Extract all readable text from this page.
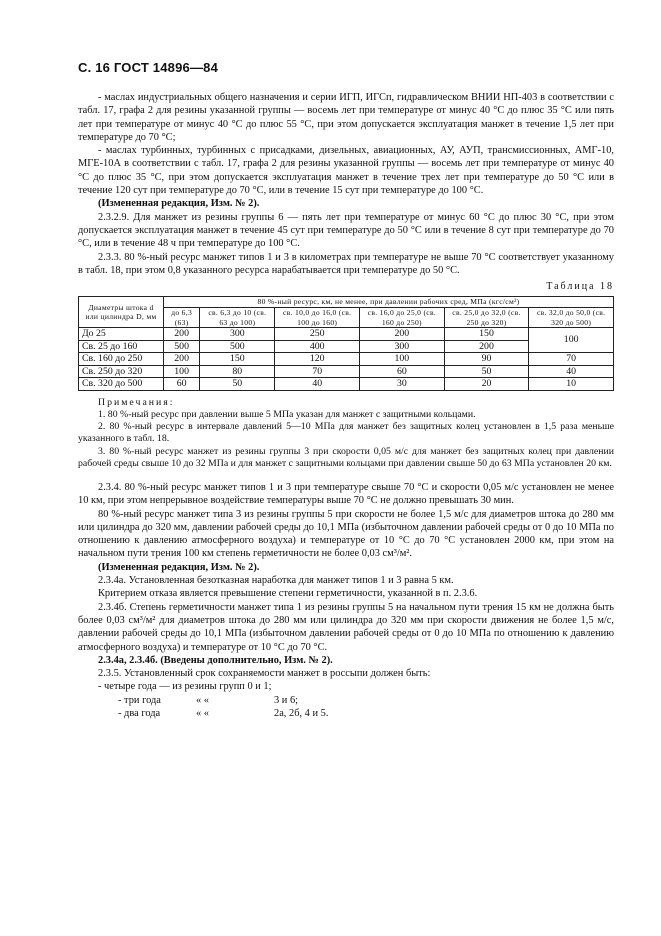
С. 16 ГОСТ 14896—84

- маслах индустриальных общего назначения и серии ИГП, ИГСп, гидравлическом ВНИИ НП-403 в соответствии с табл. 17, графа 2 для резины указанной группы — восемь лет при температуре от минус 40 °С до плюс 35 °С или пять лет при температуре от минус 40 °С до плюс 55 °С, при этом допускается эксплуатация манжет в течение 1,5 лет при температуре до 70 °С;

- маслах турбинных, турбинных с присадками, дизельных, авиационных, АУ, АУП, трансмиссионных, АМГ-10, МГЕ-10А в соответствии с табл. 17, графа 2 для резины указанной группы — восемь лет при температуре от минус 40 °С до плюс 35 °С, при этом допускается эксплуатация манжет в течение трех лет при температуре до 50 °С или в течение 120 сут при температуре до 70 °С, или в течение 15 сут при температуре до 100 °С.

(Измененная редакция, Изм. № 2).

2.3.2.9. Для манжет из резины группы 6 — пять лет при температуре от минус 60 °С до плюс 30 °С, при этом допускается эксплуатация манжет в течение 45 сут при температуре до 50 °С или в течение 8 сут при температуре до 70 °С, или в течение 48 ч при температуре до 100 °С.

2.3.3. 80 %-ный ресурс манжет типов 1 и 3 в километрах при температуре не выше 70 °С соответствует указанному в табл. 18, при этом 0,8 указанного ресурса нарабатывается при температуре до 50 °С.

Таблица 18
Диаметры штока d или цилиндра D, мм	80 %-ный ресурс, км, не менее, при давлении рабочих сред, МПа (кгс/см²)					
	до 6,3 (63)	св. 6,3 до 10 (св. 63 до 100)	св. 10,0 до 16,0 (св. 100 до 160)	св. 16,0 до 25,0 (св. 160 до 250)	св. 25,0 до 32,0 (св. 250 до 320)	св. 32,0 до 50,0 (св. 320 до 500)
До 25	200	300	250	200	150	100
Св. 25 до 160	500	500	400	300	200	
Св. 160 до 250	200	150	120	100	90	70
Св. 250 до 320	100	80	70	60	50	40
Св. 320 до 500	60	50	40	30	20	10

Примечания:

1. 80 %-ный ресурс при давлении выше 5 МПа указан для манжет с защитными кольцами.

2. 80 %-ный ресурс в интервале давлений 5—10 МПа для манжет без защитных колец установлен в 1,5 раза меньше указанного в табл. 18.

3. 80 %-ный ресурс манжет из резины группы 3 при скорости 0,05 м/с для манжет без защитных колец при давлении рабочей среды свыше 10 до 32 МПа и для манжет с защитными кольцами при давлении свыше 50 до 63 МПа установлен 20 км.

2.3.4. 80 %-ный ресурс манжет типов 1 и 3 при температуре свыше 70 °С и скорости 0,05 м/с установлен не менее 10 км, при этом непрерывное воздействие температуры выше 70 °С не должно превышать 30 мин.

80 %-ный ресурс манжет типа 3 из резины группы 5 при скорости не более 1,5 м/с для диаметров штока до 280 мм или цилиндра до 320 мм, давлении рабочей среды до 10,1 МПа (избыточном давлении рабочей среды от 0 до 10 МПа по отношению к давлению атмосферного воздуха) и температуре от 10 °С до 70 °С установлен 2000 км, при этом на начальном пути трения 100 км степень герметичности не более 0,03 см³/м².

(Измененная редакция, Изм. № 2).

2.3.4а. Установленная безотказная наработка для манжет типов 1 и 3 равна 5 км.

Критерием отказа является превышение степени герметичности, указанной в п. 2.3.6.

2.3.4б. Степень герметичности манжет типа 1 из резины группы 5 на начальном пути трения 15 км не должна быть более 0,03 см³/м² для диаметров штока до 280 мм или цилиндра до 320 мм при скорости движения не более 1,5 м/с, давлении рабочей среды до 10,1 МПа (избыточном давлении рабочей среды от 0 до 10 МПа по отношению к давлению атмосферного воздуха) и температуре от 10 °С до 70 °С.

2.3.4а, 2.3.4б. (Введены дополнительно, Изм. № 2).

2.3.5. Установленный срок сохраняемости манжет в россыпи должен быть:

- четыре года — из резины групп 0 и 1;

- три года	« «	3 и 6;

- два года	« «	2а, 2б, 4 и 5.
